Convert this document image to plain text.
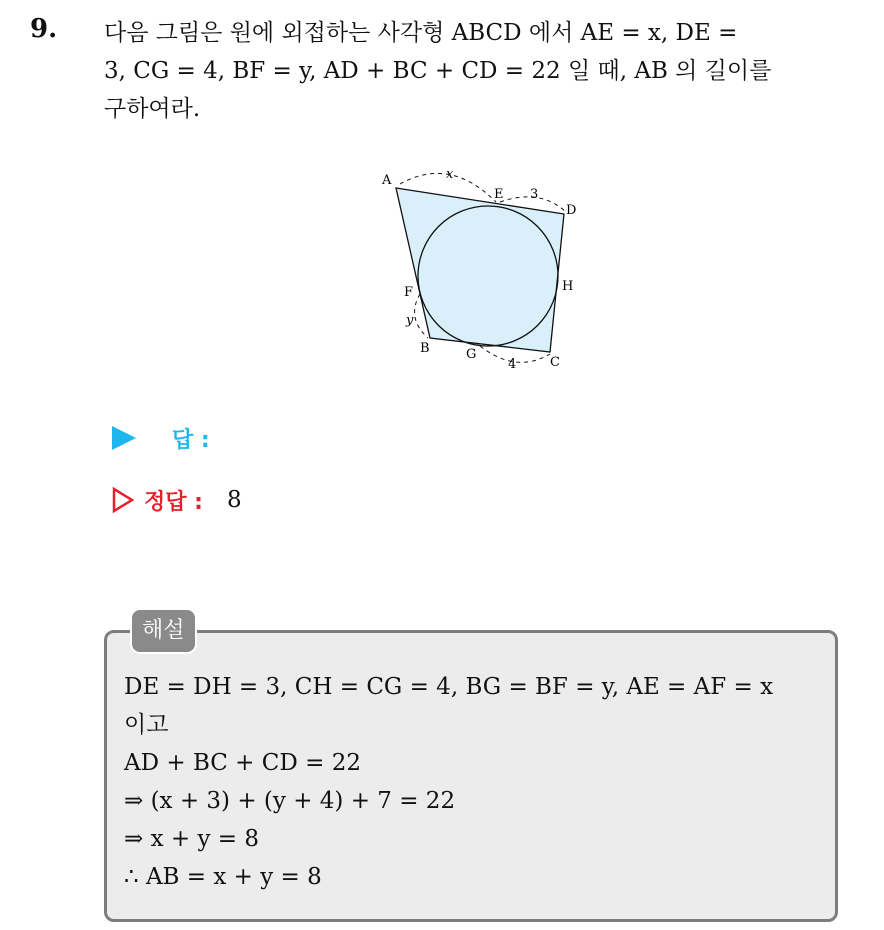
9. 다음 그림은 원에 외접하는 사각형 ABCD 에서 AE = x, DE =
3, CG = 4, BF = y, AD + BC + CD = 22 일 때, AB 의 길이를
구하여라.
A
E
D
H
F
B	G
C
x
3
y
4
답 :
정답 : 8
해설
DE = DH = 3, CH = CG = 4, BG = BF = y, AE = AF = x
이고
AD + BC + CD = 22
⇒ (x + 3) + (y + 4) + 7 = 22
⇒ x + y = 8
∴ AB = x + y = 8
